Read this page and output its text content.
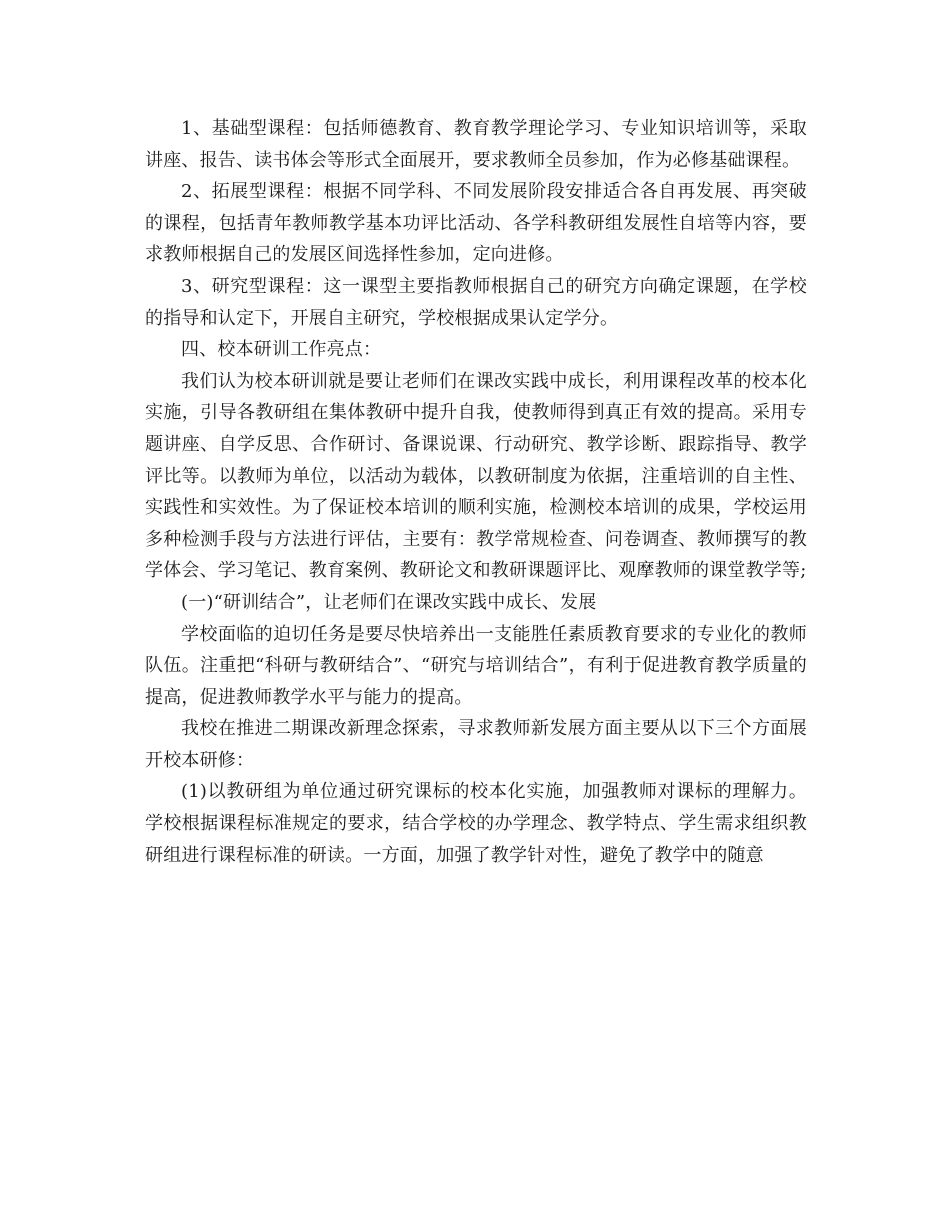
1、基础型课程：包括师德教育、教育教学理论学习、专业知识培训等，采取讲座、报告、读书体会等形式全面展开，要求教师全员参加，作为必修基础课程。

2、拓展型课程：根据不同学科、不同发展阶段安排适合各自再发展、再突破的课程，包括青年教师教学基本功评比活动、各学科教研组发展性自培等内容，要求教师根据自己的发展区间选择性参加，定向进修。

3、研究型课程：这一课型主要指教师根据自己的研究方向确定课题，在学校的指导和认定下，开展自主研究，学校根据成果认定学分。

四、校本研训工作亮点：

我们认为校本研训就是要让老师们在课改实践中成长，利用课程改革的校本化实施，引导各教研组在集体教研中提升自我，使教师得到真正有效的提高。采用专题讲座、自学反思、合作研讨、备课说课、行动研究、教学诊断、跟踪指导、教学评比等。以教师为单位，以活动为载体，以教研制度为依据，注重培训的自主性、实践性和实效性。为了保证校本培训的顺利实施，检测校本培训的成果，学校运用多种检测手段与方法进行评估，主要有：教学常规检查、问卷调查、教师撰写的教学体会、学习笔记、教育案例、教研论文和教研课题评比、观摩教师的课堂教学等;

(一)“研训结合”，让老师们在课改实践中成长、发展

学校面临的迫切任务是要尽快培养出一支能胜任素质教育要求的专业化的教师队伍。注重把“科研与教研结合”、“研究与培训结合”，有利于促进教育教学质量的提高，促进教师教学水平与能力的提高。

我校在推进二期课改新理念探索，寻求教师新发展方面主要从以下三个方面展开校本研修：

(1)以教研组为单位通过研究课标的校本化实施，加强教师对课标的理解力。学校根据课程标准规定的要求，结合学校的办学理念、教学特点、学生需求组织教研组进行课程标准的研读。一方面，加强了教学针对性，避免了教学中的随意
